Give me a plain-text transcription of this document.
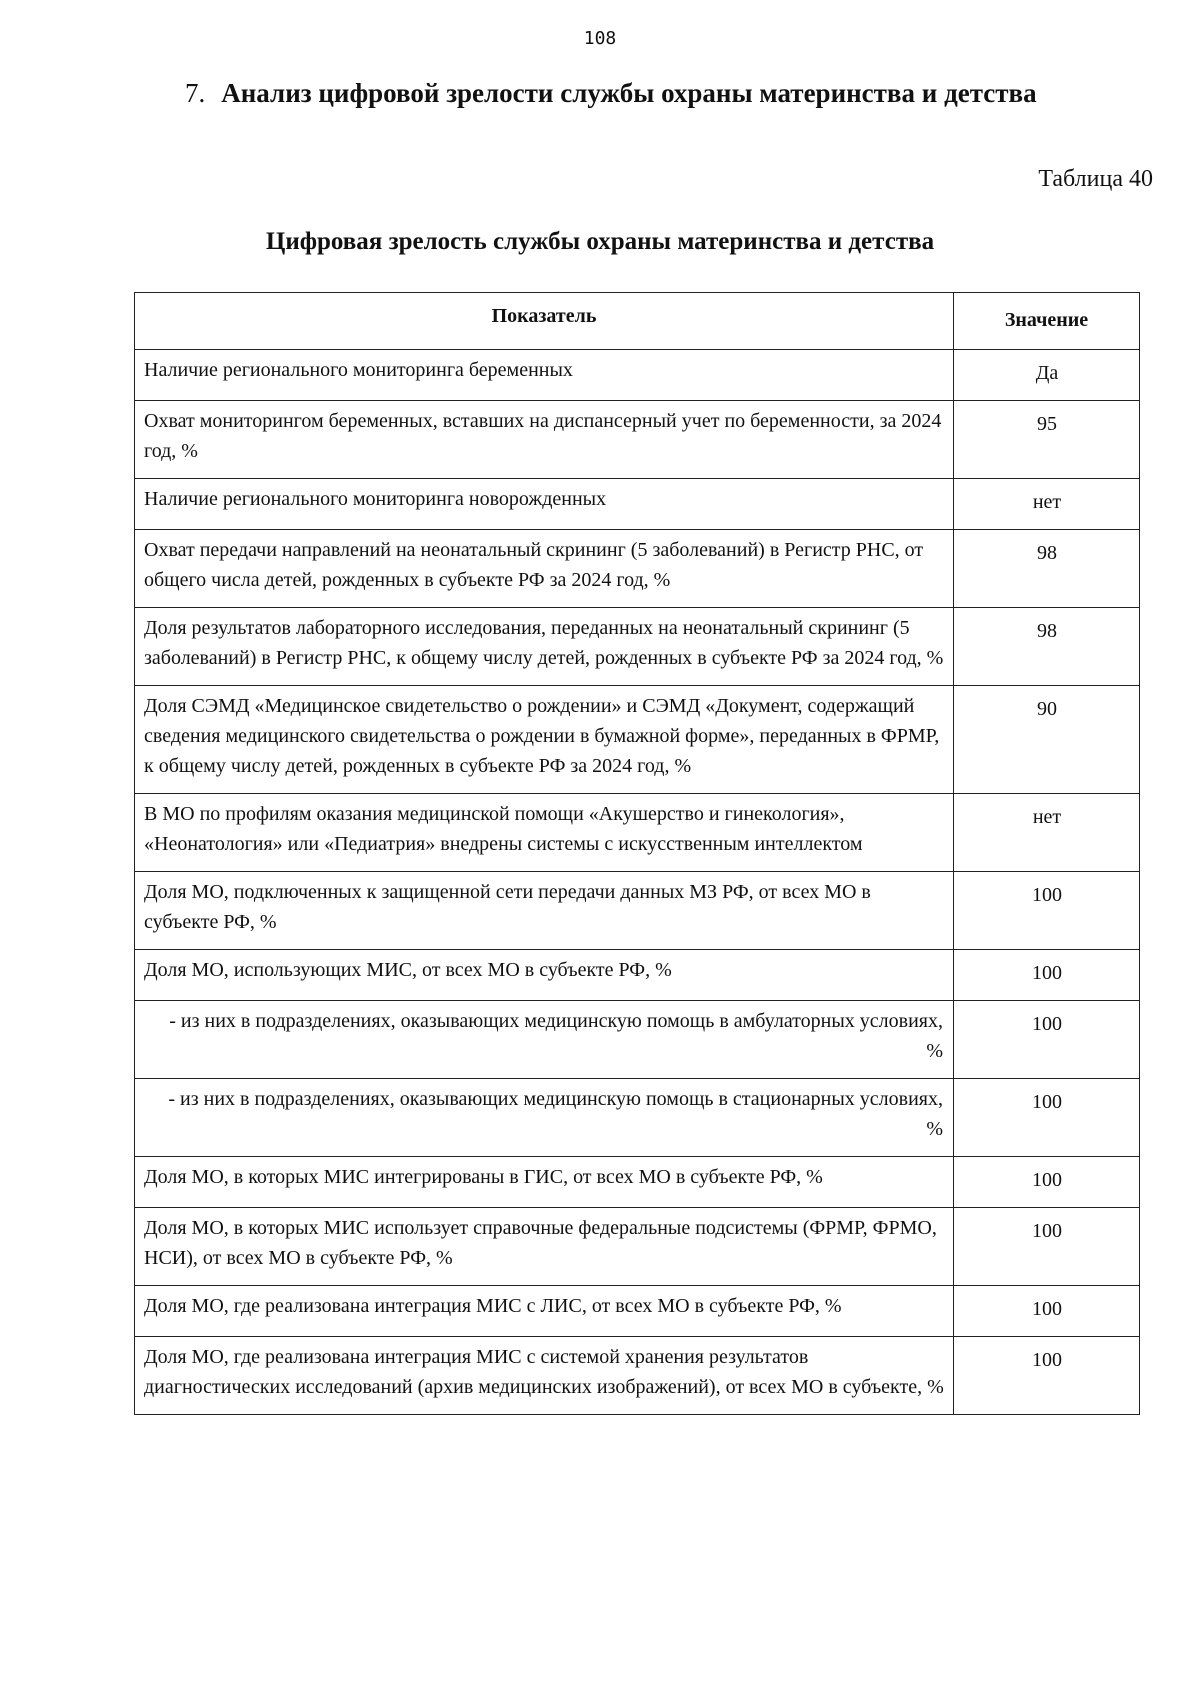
108
7. Анализ цифровой зрелости службы охраны материнства и детства
Таблица 40
Цифровая зрелость службы охраны материнства и детства
Показатель	Значение
Наличие регионального мониторинга беременных	Да
Охват мониторингом беременных, вставших на диспансерный учет по беременности, за 2024 год, %	95
Наличие регионального мониторинга новорожденных	нет
Охват передачи направлений на неонатальный скрининг (5 заболеваний) в Регистр РНС, от общего числа детей, рожденных в субъекте РФ за 2024 год, %	98
Доля результатов лабораторного исследования, переданных на неонатальный скрининг (5 заболеваний) в Регистр РНС, к общему числу детей, рожденных в субъекте РФ за 2024 год, %	98
Доля СЭМД «Медицинское свидетельство о рождении» и СЭМД «Документ, содержащий сведения медицинского свидетельства о рождении в бумажной форме», переданных в ФРМР, к общему числу детей, рожденных в субъекте РФ за 2024 год, %	90
В МО по профилям оказания медицинской помощи «Акушерство и гинекология», «Неонатология» или «Педиатрия» внедрены системы с искусственным интеллектом	нет
Доля МО, подключенных к защищенной сети передачи данных МЗ РФ, от всех МО в субъекте РФ, %	100
Доля МО, использующих МИС, от всех МО в субъекте РФ, %	100
- из них в подразделениях, оказывающих медицинскую помощь в амбулаторных условиях, %	100
- из них в подразделениях, оказывающих медицинскую помощь в стационарных условиях, %	100
Доля МО, в которых МИС интегрированы в ГИС, от всех МО в субъекте РФ, %	100
Доля МО, в которых МИС использует справочные федеральные подсистемы (ФРМР, ФРМО, НСИ), от всех МО в субъекте РФ, %	100
Доля МО, где реализована интеграция МИС с ЛИС, от всех МО в субъекте РФ, %	100
Доля МО, где реализована интеграция МИС с системой хранения результатов диагностических исследований (архив медицинских изображений), от всех МО в субъекте, %	100
